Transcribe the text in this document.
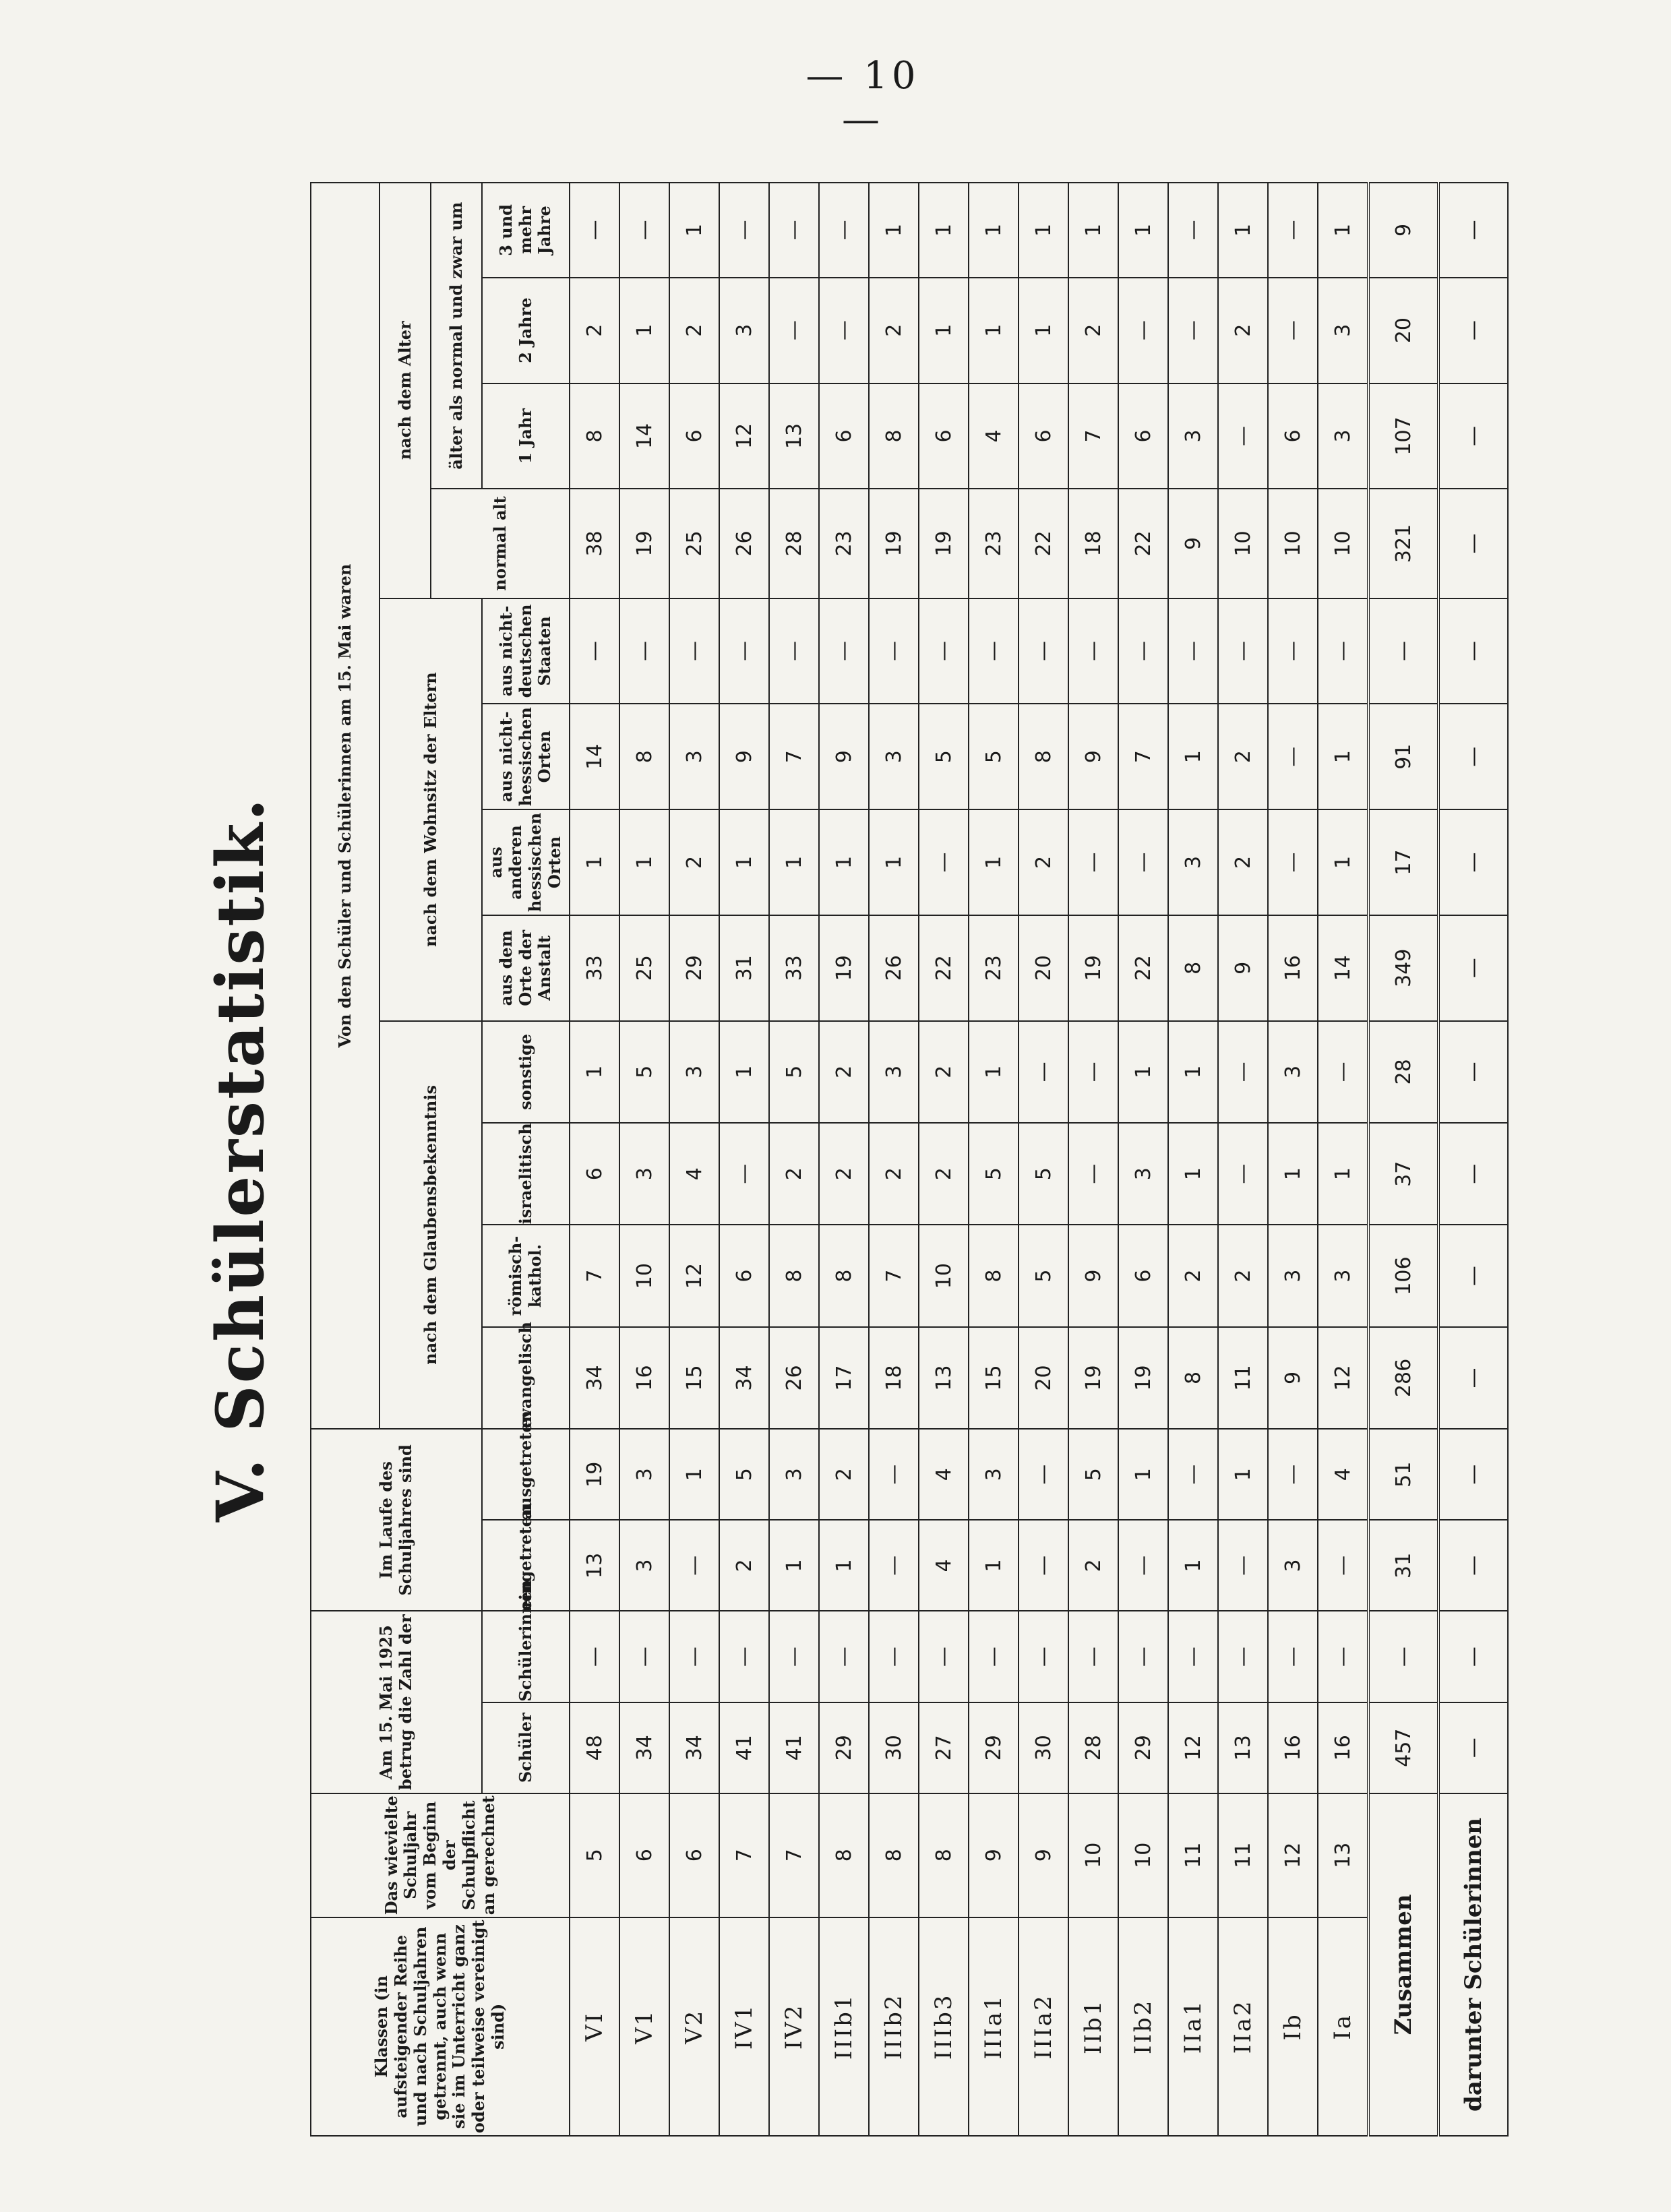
— 10 —
V. Schülerstatistik.
Klassen (in aufsteigender Reihe und nach Schuljahren getrennt, auch wenn sie im Unterricht ganz oder teilweise vereinigt sind)	Das wievielte Schuljahr vom Beginn der Schulpflicht an gerechnet	Am 15. Mai 1925 betrug die Zahl der		Im Laufe des Schuljahres sind		Von den Schüler und Schülerinnen am 15. Mai waren											
						nach dem Glaubensbekenntnis				nach dem Wohnsitz der Eltern				nach dem Alter			
														normal alt	älter als normal und zwar um		
		Schüler	Schülerinnen	eingetreten	ausgetreten	evangelisch	römisch-kathol.	israelitisch	sonstige	aus dem Orte der Anstalt	aus anderen hessischen Orten	aus nicht-hessischen Orten	aus nicht-deutschen Staaten		1 Jahr	2 Jahre	3 und mehr Jahre
VI	5	48	—	13	19	34	7	6	1	33	1	14	—	38	8	2	—
V1	6	34	—	3	3	16	10	3	5	25	1	8	—	19	14	1	—
V2	6	34	—	—	1	15	12	4	3	29	2	3	—	25	6	2	1
IV1	7	41	—	2	5	34	6	—	1	31	1	9	—	26	12	3	—
IV2	7	41	—	1	3	26	8	2	5	33	1	7	—	28	13	—	—
IIIb1	8	29	—	1	2	17	8	2	2	19	1	9	—	23	6	—	—
IIIb2	8	30	—	—	—	18	7	2	3	26	1	3	—	19	8	2	1
IIIb3	8	27	—	4	4	13	10	2	2	22	—	5	—	19	6	1	1
IIIa1	9	29	—	1	3	15	8	5	1	23	1	5	—	23	4	1	1
IIIa2	9	30	—	—	—	20	5	5	—	20	2	8	—	22	6	1	1
IIb1	10	28	—	2	5	19	9	—	—	19	—	9	—	18	7	2	1
IIb2	10	29	—	—	1	19	6	3	1	22	—	7	—	22	6	—	1
IIa1	11	12	—	1	—	8	2	1	1	8	3	1	—	9	3	—	—
IIa2	11	13	—	—	1	11	2	—	—	9	2	2	—	10	—	2	1
Ib	12	16	—	3	—	9	3	1	3	16	—	—	—	10	6	—	—
Ia	13	16	—	—	4	12	3	1	—	14	1	1	—	10	3	3	1
Zusammen		457	—	31	51	286	106	37	28	349	17	91	—	321	107	20	9
darunter Schülerinnen		—	—	—	—	—	—	—	—	—	—	—	—	—	—	—	—
